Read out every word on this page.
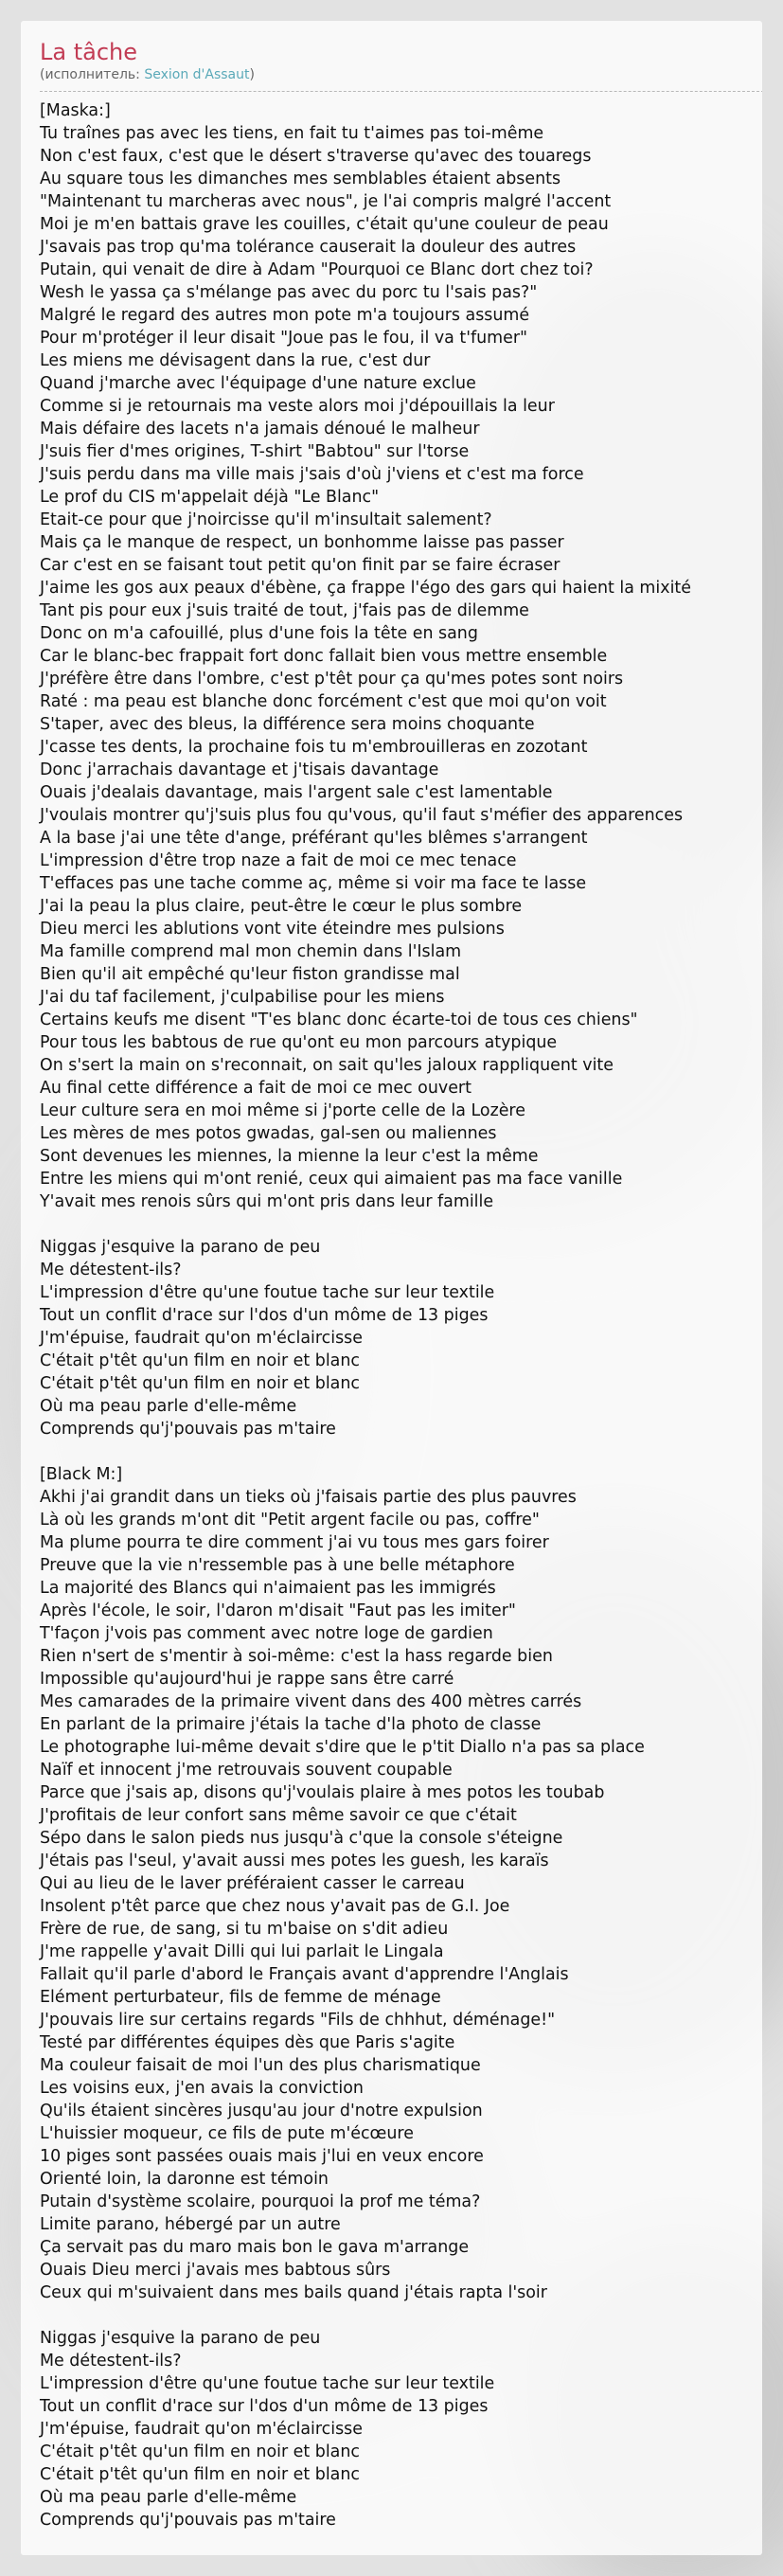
La tâche
(исполнитель: Sexion d'Assaut)
[Maska:]
Tu traînes pas avec les tiens, en fait tu t'aimes pas toi-même
Non c'est faux, c'est que le désert s'traverse qu'avec des touaregs
Au square tous les dimanches mes semblables étaient absents
"Maintenant tu marcheras avec nous", je l'ai compris malgré l'accent
Moi je m'en battais grave les couilles, c'était qu'une couleur de peau
J'savais pas trop qu'ma tolérance causerait la douleur des autres
Putain, qui venait de dire à Adam "Pourquoi ce Blanc dort chez toi?
Wesh le yassa ça s'mélange pas avec du porc tu l'sais pas?"
Malgré le regard des autres mon pote m'a toujours assumé
Pour m'protéger il leur disait "Joue pas le fou, il va t'fumer"
Les miens me dévisagent dans la rue, c'est dur
Quand j'marche avec l'équipage d'une nature exclue
Comme si je retournais ma veste alors moi j'dépouillais la leur
Mais défaire des lacets n'a jamais dénoué le malheur
J'suis fier d'mes origines, T-shirt "Babtou" sur l'torse
J'suis perdu dans ma ville mais j'sais d'où j'viens et c'est ma force
Le prof du CIS m'appelait déjà "Le Blanc"
Etait-ce pour que j'noircisse qu'il m'insultait salement?
Mais ça le manque de respect, un bonhomme laisse pas passer
Car c'est en se faisant tout petit qu'on finit par se faire écraser
J'aime les gos aux peaux d'ébène, ça frappe l'égo des gars qui haient la mixité
Tant pis pour eux j'suis traité de tout, j'fais pas de dilemme
Donc on m'a cafouillé, plus d'une fois la tête en sang
Car le blanc-bec frappait fort donc fallait bien vous mettre ensemble
J'préfère être dans l'ombre, c'est p'têt pour ça qu'mes potes sont noirs
Raté : ma peau est blanche donc forcément c'est que moi qu'on voit
S'taper, avec des bleus, la différence sera moins choquante
J'casse tes dents, la prochaine fois tu m'embrouilleras en zozotant
Donc j'arrachais davantage et j'tisais davantage
Ouais j'dealais davantage, mais l'argent sale c'est lamentable
J'voulais montrer qu'j'suis plus fou qu'vous, qu'il faut s'méfier des apparences
A la base j'ai une tête d'ange, préférant qu'les blêmes s'arrangent
L'impression d'être trop naze a fait de moi ce mec tenace
T'effaces pas une tache comme aç, même si voir ma face te lasse
J'ai la peau la plus claire, peut-être le cœur le plus sombre
Dieu merci les ablutions vont vite éteindre mes pulsions
Ma famille comprend mal mon chemin dans l'Islam
Bien qu'il ait empêché qu'leur fiston grandisse mal
J'ai du taf facilement, j'culpabilise pour les miens
Certains keufs me disent "T'es blanc donc écarte-toi de tous ces chiens"
Pour tous les babtous de rue qu'ont eu mon parcours atypique
On s'sert la main on s'reconnait, on sait qu'les jaloux rappliquent vite
Au final cette différence a fait de moi ce mec ouvert
Leur culture sera en moi même si j'porte celle de la Lozère
Les mères de mes potos gwadas, gal-sen ou maliennes
Sont devenues les miennes, la mienne la leur c'est la même
Entre les miens qui m'ont renié, ceux qui aimaient pas ma face vanille
Y'avait mes renois sûrs qui m'ont pris dans leur famille
Niggas j'esquive la parano de peu
Me détestent-ils?
L'impression d'être qu'une foutue tache sur leur textile
Tout un conflit d'race sur l'dos d'un môme de 13 piges
J'm'épuise, faudrait qu'on m'éclaircisse
C'était p'têt qu'un film en noir et blanc
C'était p'têt qu'un film en noir et blanc
Où ma peau parle d'elle-même
Comprends qu'j'pouvais pas m'taire
[Black M:]
Akhi j'ai grandit dans un tieks où j'faisais partie des plus pauvres
Là où les grands m'ont dit "Petit argent facile ou pas, coffre"
Ma plume pourra te dire comment j'ai vu tous mes gars foirer
Preuve que la vie n'ressemble pas à une belle métaphore
La majorité des Blancs qui n'aimaient pas les immigrés
Après l'école, le soir, l'daron m'disait "Faut pas les imiter"
T'façon j'vois pas comment avec notre loge de gardien
Rien n'sert de s'mentir à soi-même: c'est la hass regarde bien
Impossible qu'aujourd'hui je rappe sans être carré
Mes camarades de la primaire vivent dans des 400 mètres carrés
En parlant de la primaire j'étais la tache d'la photo de classe
Le photographe lui-même devait s'dire que le p'tit Diallo n'a pas sa place
Naïf et innocent j'me retrouvais souvent coupable
Parce que j'sais ap, disons qu'j'voulais plaire à mes potos les toubab
J'profitais de leur confort sans même savoir ce que c'était
Sépo dans le salon pieds nus jusqu'à c'que la console s'éteigne
J'étais pas l'seul, y'avait aussi mes potes les guesh, les karaïs
Qui au lieu de le laver préféraient casser le carreau
Insolent p'têt parce que chez nous y'avait pas de G.I. Joe
Frère de rue, de sang, si tu m'baise on s'dit adieu
J'me rappelle y'avait Dilli qui lui parlait le Lingala
Fallait qu'il parle d'abord le Français avant d'apprendre l'Anglais
Elément perturbateur, fils de femme de ménage
J'pouvais lire sur certains regards "Fils de chhhut, déménage!"
Testé par différentes équipes dès que Paris s'agite
Ma couleur faisait de moi l'un des plus charismatique
Les voisins eux, j'en avais la conviction
Qu'ils étaient sincères jusqu'au jour d'notre expulsion
L'huissier moqueur, ce fils de pute m'écœure
10 piges sont passées ouais mais j'lui en veux encore
Orienté loin, la daronne est témoin
Putain d'système scolaire, pourquoi la prof me téma?
Limite parano, hébergé par un autre
Ça servait pas du maro mais bon le gava m'arrange
Ouais Dieu merci j'avais mes babtous sûrs
Ceux qui m'suivaient dans mes bails quand j'étais rapta l'soir
Niggas j'esquive la parano de peu
Me détestent-ils?
L'impression d'être qu'une foutue tache sur leur textile
Tout un conflit d'race sur l'dos d'un môme de 13 piges
J'm'épuise, faudrait qu'on m'éclaircisse
C'était p'têt qu'un film en noir et blanc
C'était p'têt qu'un film en noir et blanc
Où ma peau parle d'elle-même
Comprends qu'j'pouvais pas m'taire
